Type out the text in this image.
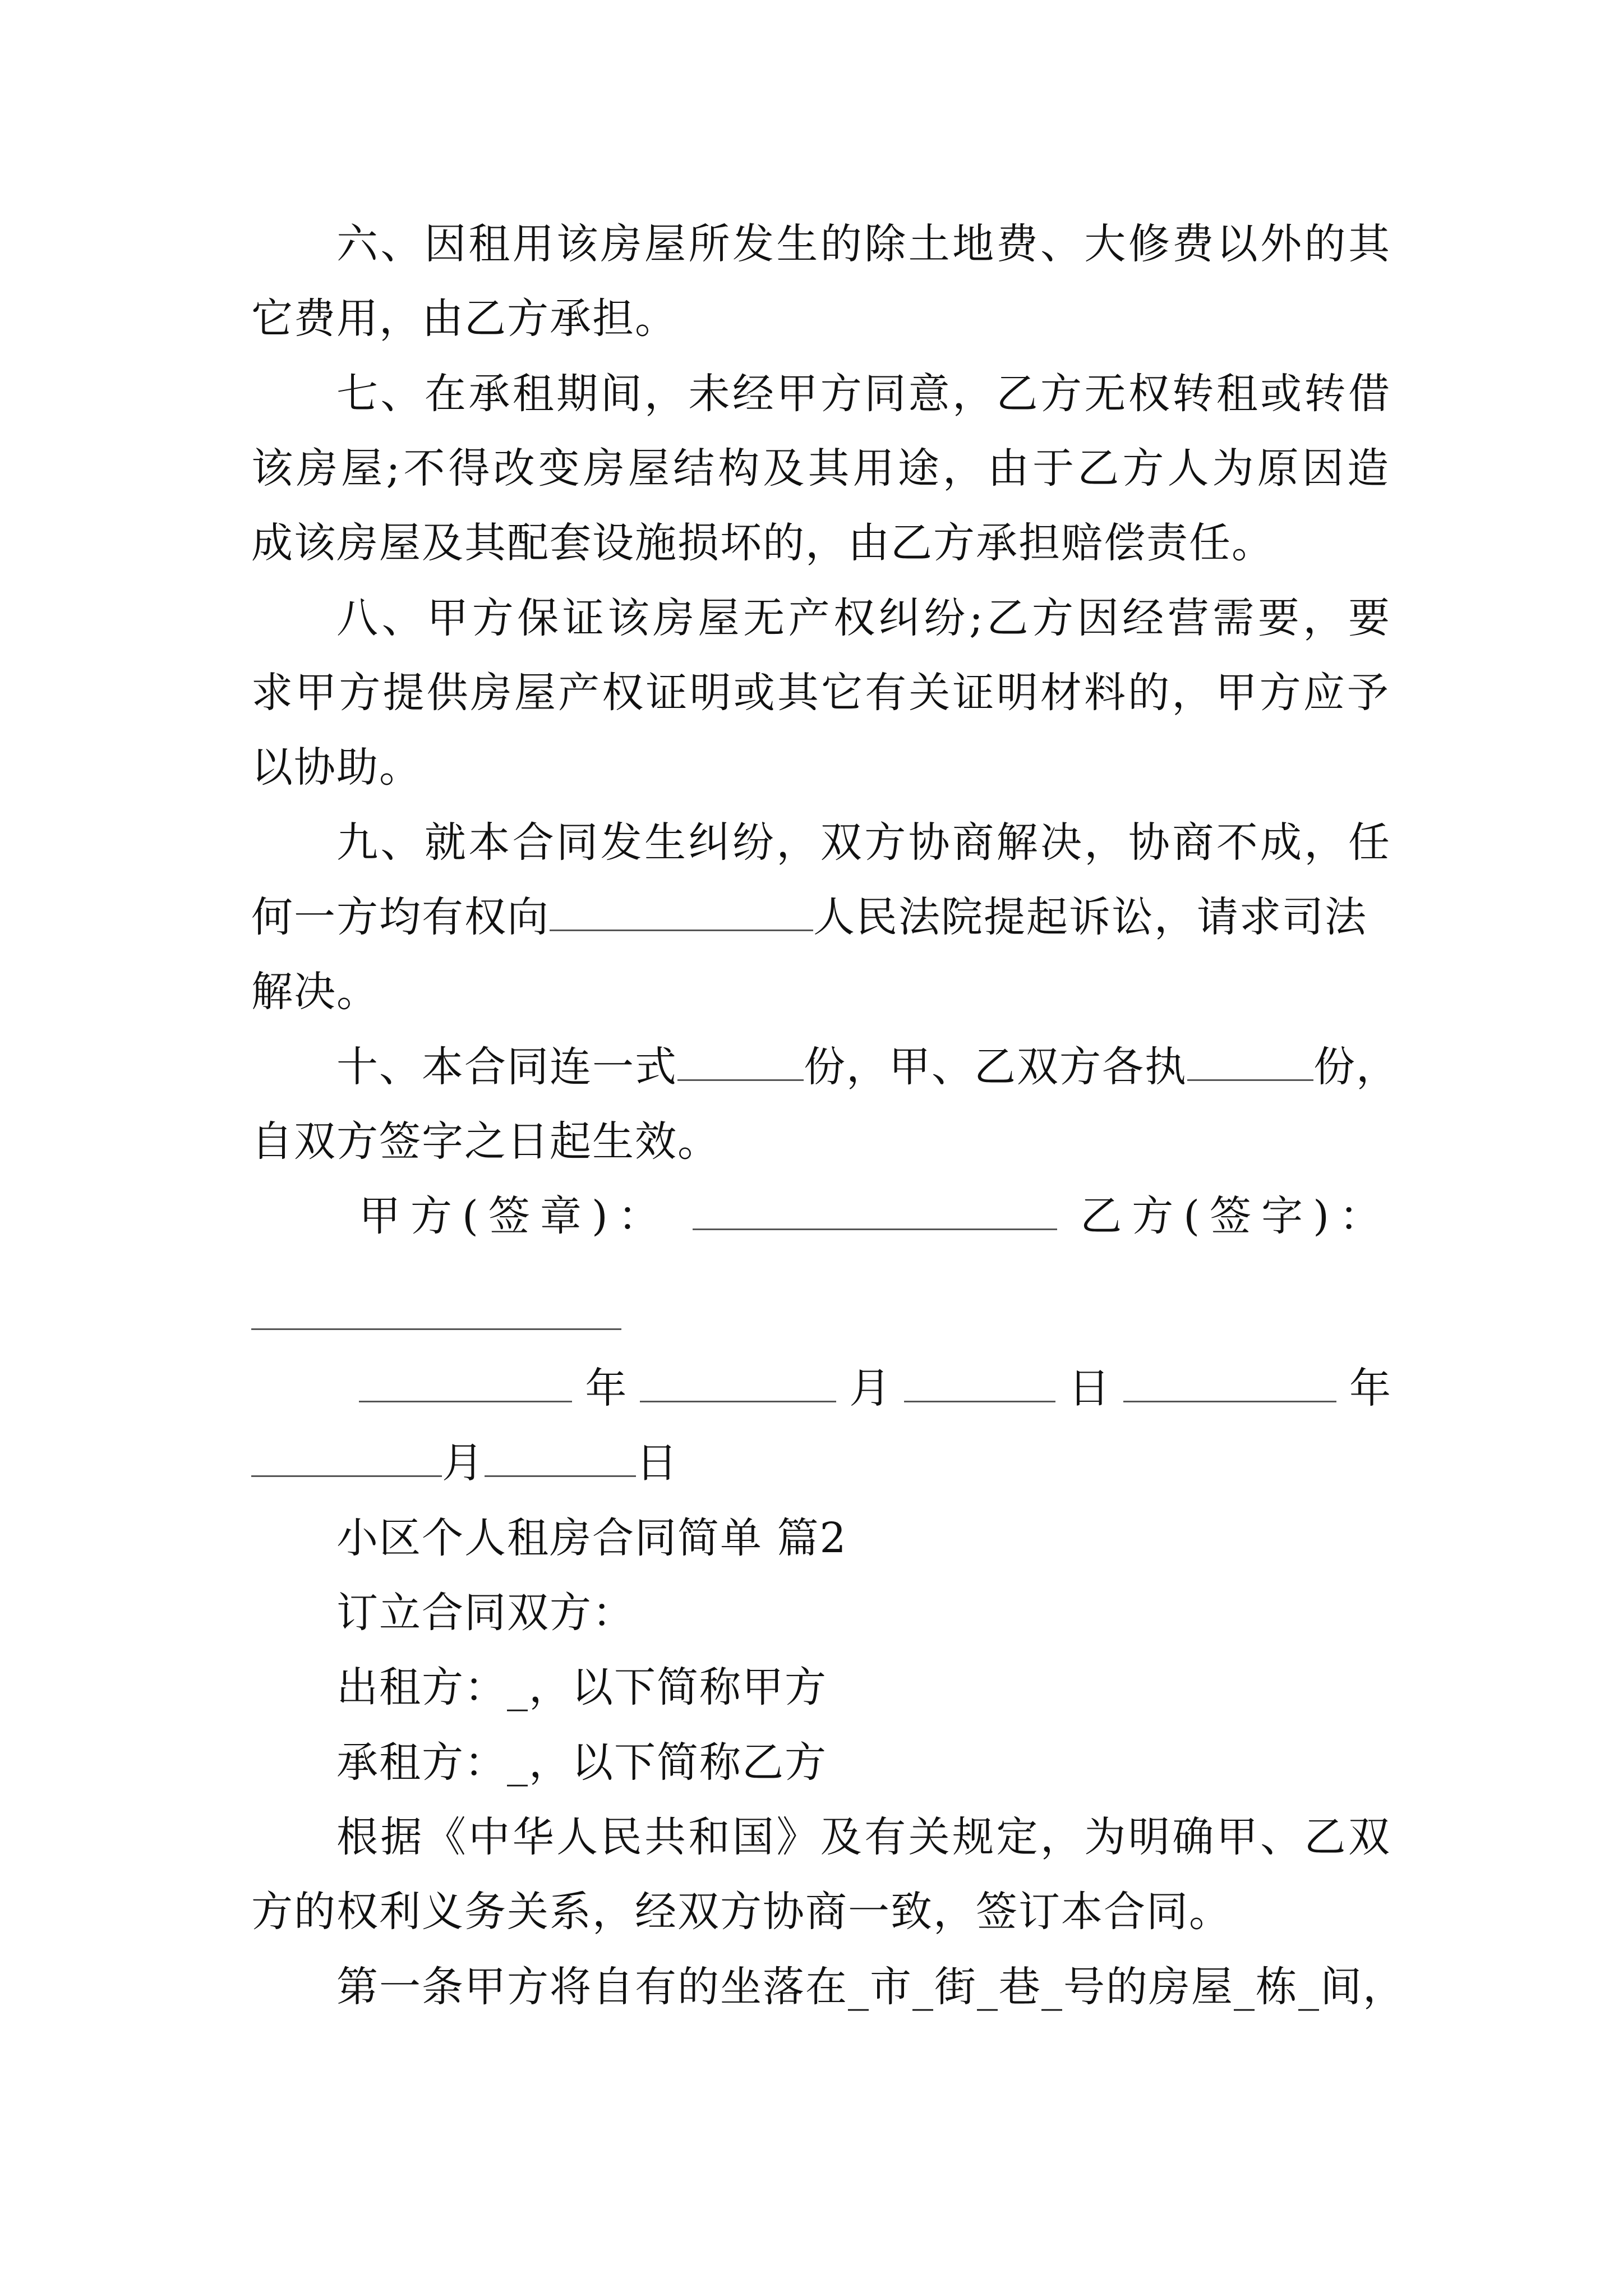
六、因租用该房屋所发生的除土地费、大修费以外的其
它费用，由乙方承担。
七、在承租期间，未经甲方同意，乙方无权转租或转借
该房屋;不得改变房屋结构及其用途，由于乙方人为原因造
成该房屋及其配套设施损坏的，由乙方承担赔偿责任。
八、甲方保证该房屋无产权纠纷;乙方因经营需要，要
求甲方提供房屋产权证明或其它有关证明材料的，甲方应予
以协助。
九、就本合同发生纠纷，双方协商解决，协商不成，任
何一方均有权向	人民法院提起诉讼，请求司法
解决。
十、本合同连一式	份，甲、乙双方各执	份，
自双方签字之日起生效。
甲方(签章)：	乙方(签字)：
年	月	日	年
月	日
小区个人租房合同简单 篇2
订立合同双方：
出租方：_，以下简称甲方
承租方：_，以下简称乙方
根据《中华人民共和国》及有关规定，为明确甲、乙双
方的权利义务关系，经双方协商一致，签订本合同。
第一条甲方将自有的坐落在_市_街_巷_号的房屋_栋_间，
